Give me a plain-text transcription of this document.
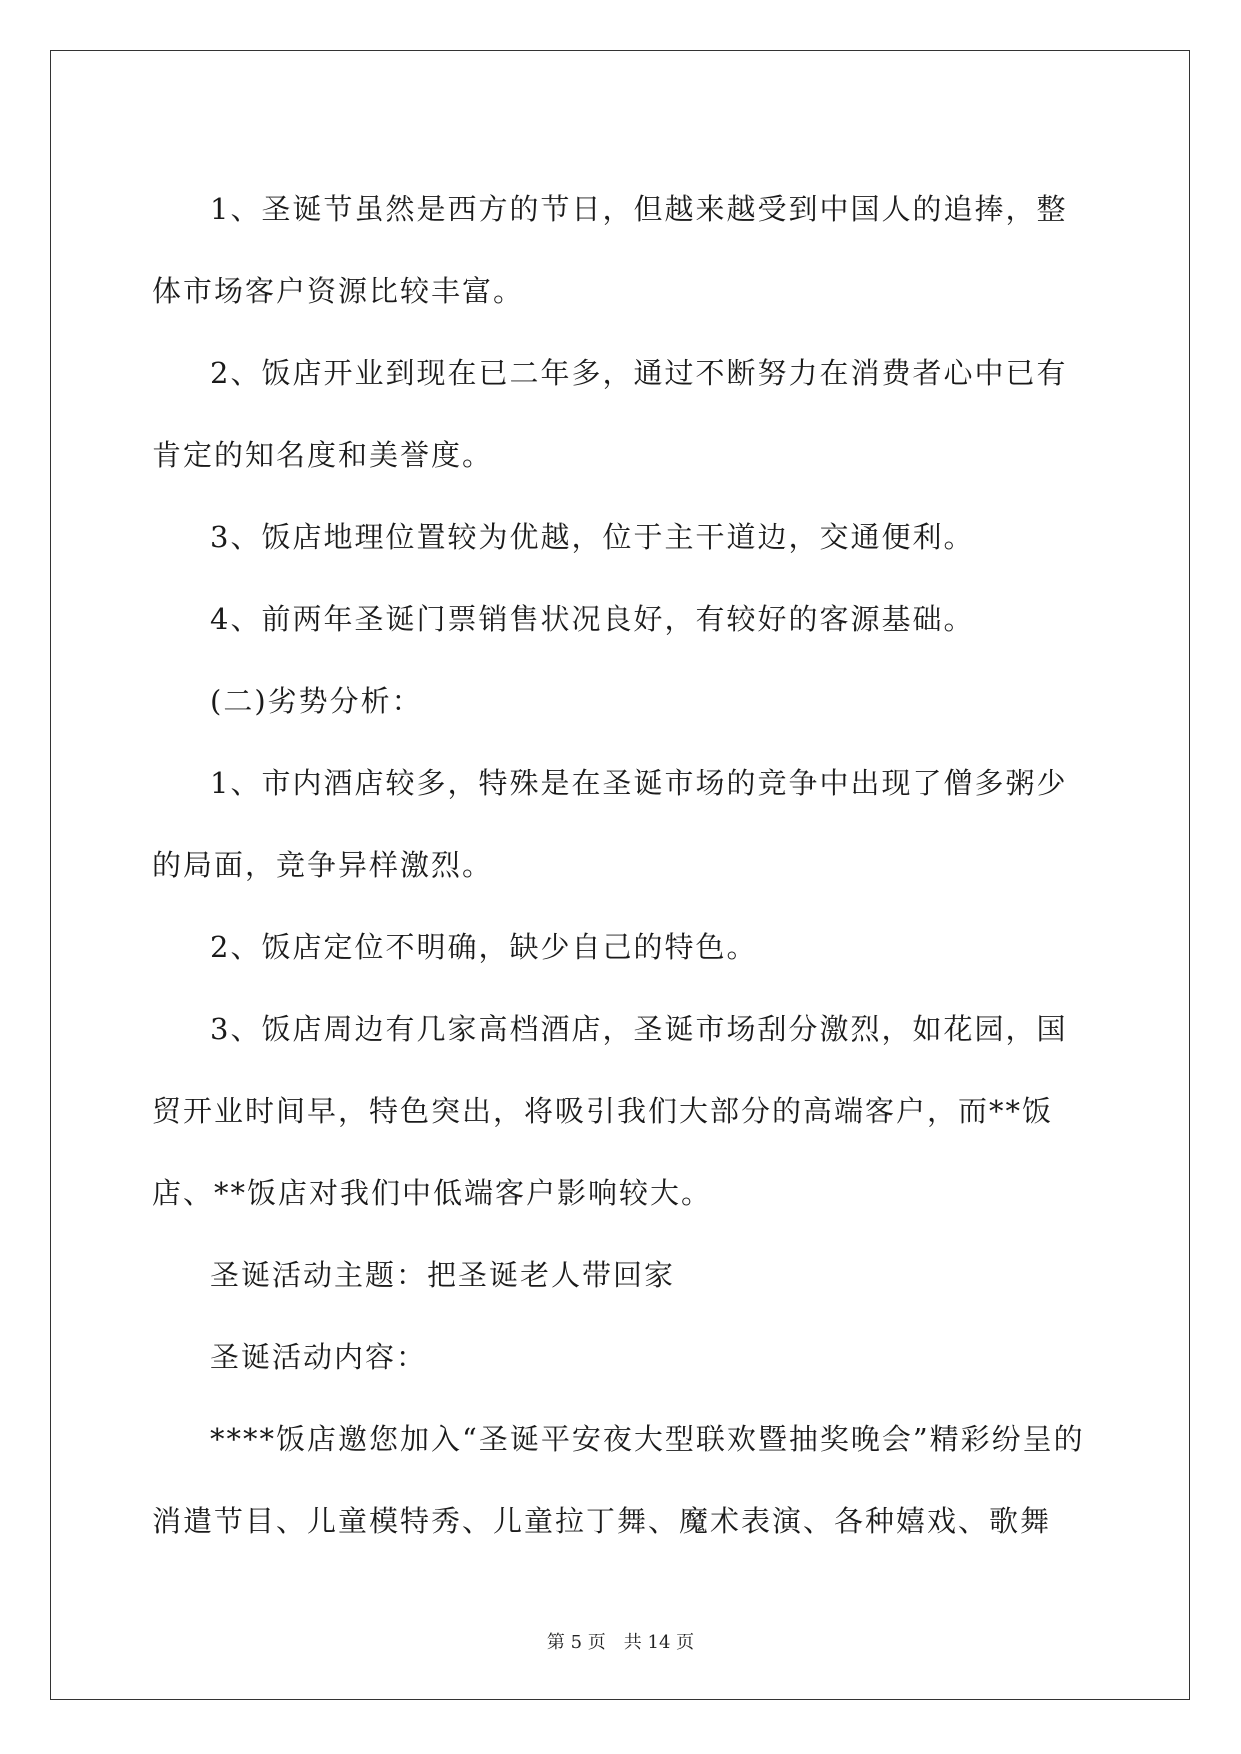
1、圣诞节虽然是西方的节日，但越来越受到中国人的追捧，整体市场客户资源比较丰富。

2、饭店开业到现在已二年多，通过不断努力在消费者心中已有肯定的知名度和美誉度。

3、饭店地理位置较为优越，位于主干道边，交通便利。

4、前两年圣诞门票销售状况良好，有较好的客源基础。

(二)劣势分析：

1、市内酒店较多，特殊是在圣诞市场的竞争中出现了僧多粥少的局面，竞争异样激烈。

2、饭店定位不明确，缺少自己的特色。

3、饭店周边有几家高档酒店，圣诞市场刮分激烈，如花园，国贸开业时间早，特色突出，将吸引我们大部分的高端客户，而**饭店、**饭店对我们中低端客户影响较大。

圣诞活动主题：把圣诞老人带回家

圣诞活动内容：

****饭店邀您加入“圣诞平安夜大型联欢暨抽奖晚会”精彩纷呈的消遣节目、儿童模特秀、儿童拉丁舞、魔术表演、各种嬉戏、歌舞

第 5 页 共 14 页
